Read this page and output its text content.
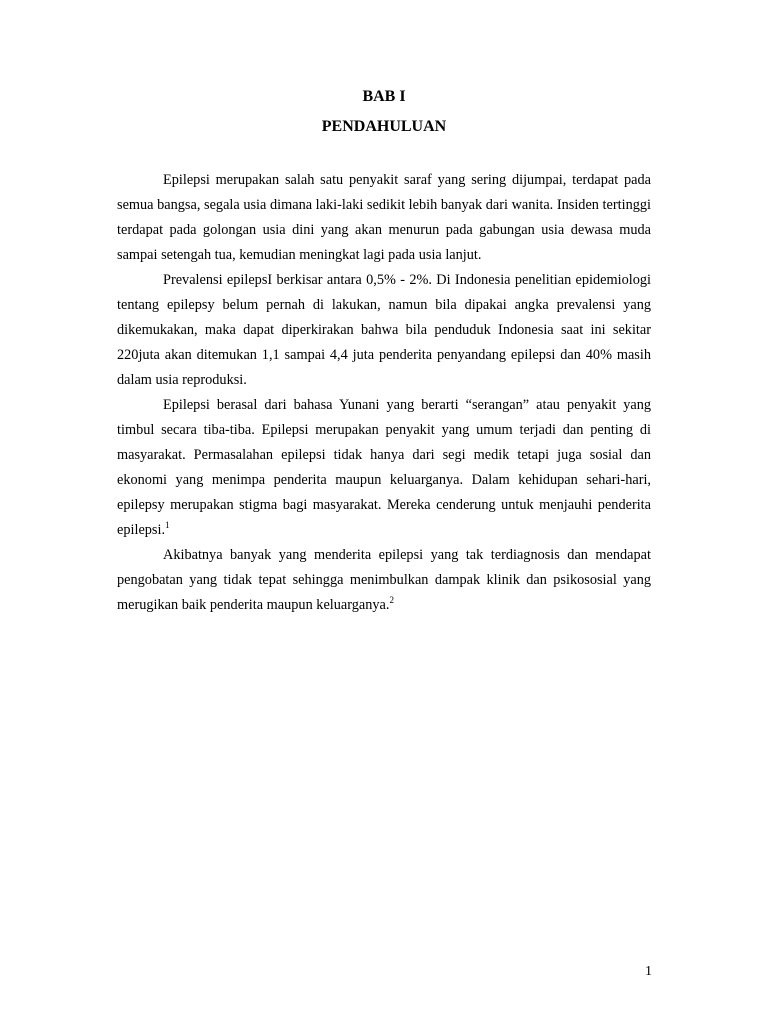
BAB I
PENDAHULUAN

Epilepsi merupakan salah satu penyakit saraf yang sering dijumpai, terdapat pada semua bangsa, segala usia dimana laki-laki sedikit lebih banyak dari wanita. Insiden tertinggi terdapat pada golongan usia dini yang akan menurun pada gabungan usia dewasa muda sampai setengah tua, kemudian meningkat lagi pada usia lanjut.

Prevalensi epilepsI berkisar antara 0,5% - 2%. Di Indonesia penelitian epidemiologi tentang epilepsy belum pernah di lakukan, namun bila dipakai angka prevalensi yang dikemukakan, maka dapat diperkirakan bahwa bila penduduk Indonesia saat ini sekitar 220juta akan ditemukan 1,1 sampai 4,4 juta penderita penyandang epilepsi dan 40% masih dalam usia reproduksi.

Epilepsi berasal dari bahasa Yunani yang berarti “serangan” atau penyakit yang timbul secara tiba-tiba. Epilepsi merupakan penyakit yang umum terjadi dan penting di masyarakat. Permasalahan epilepsi tidak hanya dari segi medik tetapi juga sosial dan ekonomi yang menimpa penderita maupun keluarganya. Dalam kehidupan sehari-hari, epilepsy merupakan stigma bagi masyarakat. Mereka cenderung untuk menjauhi penderita epilepsi.$^1$

Akibatnya banyak yang menderita epilepsi yang tak terdiagnosis dan mendapat pengobatan yang tidak tepat sehingga menimbulkan dampak klinik dan psikososial yang merugikan baik penderita maupun keluarganya.$^2$

1
